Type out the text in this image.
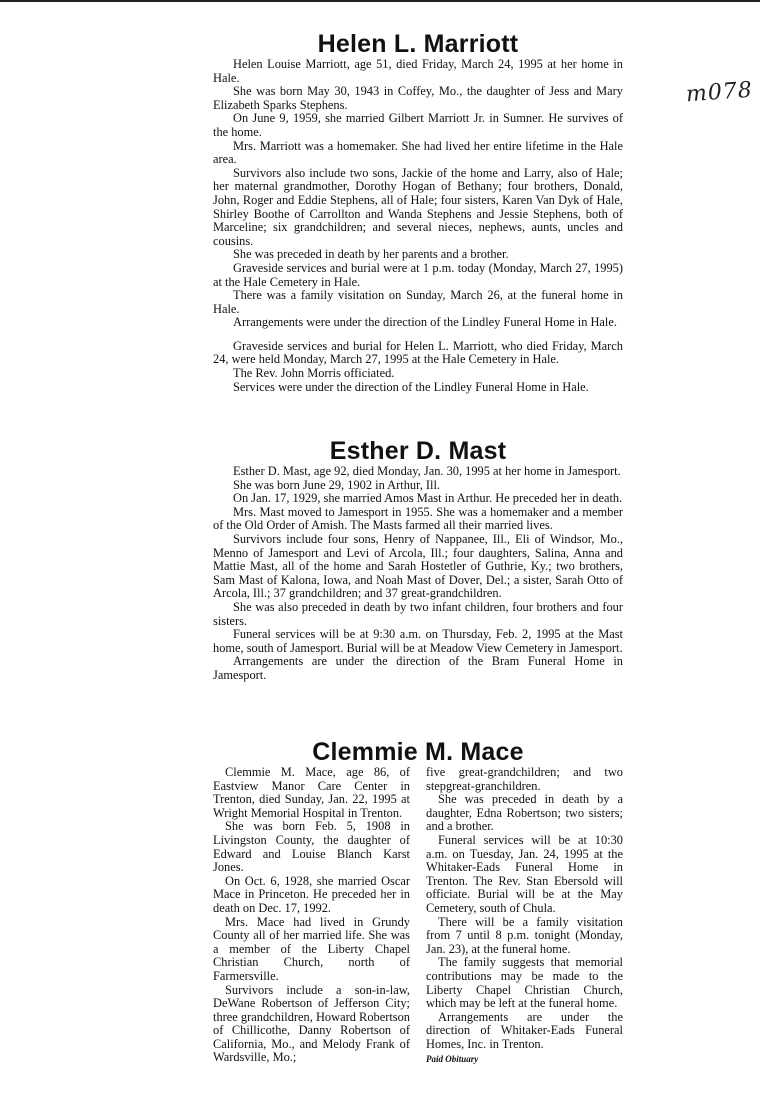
m078
Helen L. Marriott

Helen Louise Marriott, age 51, died Friday, March 24, 1995 at her home in Hale.

She was born May 30, 1943 in Coffey, Mo., the daughter of Jess and Mary Elizabeth Sparks Stephens.

On June 9, 1959, she married Gilbert Marriott Jr. in Sumner. He survives of the home.

Mrs. Marriott was a homemaker. She had lived her entire lifetime in the Hale area.

Survivors also include two sons, Jackie of the home and Larry, also of Hale; her maternal grandmother, Dorothy Hogan of Bethany; four brothers, Donald, John, Roger and Eddie Stephens, all of Hale; four sisters, Karen Van Dyk of Hale, Shirley Boothe of Carrollton and Wanda Stephens and Jessie Stephens, both of Marceline; six grandchildren; and several nieces, nephews, aunts, uncles and cousins.

She was preceded in death by her parents and a brother.

Graveside services and burial were at 1 p.m. today (Monday, March 27, 1995) at the Hale Cemetery in Hale.

There was a family visitation on Sunday, March 26, at the funeral home in Hale.

Arrangements were under the direction of the Lindley Funeral Home in Hale.

Graveside services and burial for Helen L. Marriott, who died Friday, March 24, were held Monday, March 27, 1995 at the Hale Cemetery in Hale.

The Rev. John Morris officiated.

Services were under the direction of the Lindley Funeral Home in Hale.

Esther D. Mast

Esther D. Mast, age 92, died Monday, Jan. 30, 1995 at her home in Jamesport.

She was born June 29, 1902 in Arthur, Ill.

On Jan. 17, 1929, she married Amos Mast in Arthur. He preceded her in death.

Mrs. Mast moved to Jamesport in 1955. She was a homemaker and a member of the Old Order of Amish. The Masts farmed all their married lives.

Survivors include four sons, Henry of Nappanee, Ill., Eli of Windsor, Mo., Menno of Jamesport and Levi of Arcola, Ill.; four daughters, Salina, Anna and Mattie Mast, all of the home and Sarah Hostetler of Guthrie, Ky.; two brothers, Sam Mast of Kalona, Iowa, and Noah Mast of Dover, Del.; a sister, Sarah Otto of Arcola, Ill.; 37 grandchildren; and 37 great-grandchildren.

She was also preceded in death by two infant children, four brothers and four sisters.

Funeral services will be at 9:30 a.m. on Thursday, Feb. 2, 1995 at the Mast home, south of Jamesport. Burial will be at Meadow View Cemetery in Jamesport.

Arrangements are under the direction of the Bram Funeral Home in Jamesport.

Clemmie M. Mace

Clemmie M. Mace, age 86, of Eastview Manor Care Center in Trenton, died Sunday, Jan. 22, 1995 at Wright Memorial Hospital in Trenton.

She was born Feb. 5, 1908 in Livingston County, the daughter of Edward and Louise Blanch Karst Jones.

On Oct. 6, 1928, she married Oscar Mace in Princeton. He preceded her in death on Dec. 17, 1992.

Mrs. Mace had lived in Grundy County all of her married life. She was a member of the Liberty Chapel Christian Church, north of Farmersville.

Survivors include a son-in-law, DeWane Robertson of Jefferson City; three grandchildren, Howard Robertson of Chillicothe, Danny Robertson of California, Mo., and Melody Frank of Wardsville, Mo.;

five great-grandchildren; and two stepgreat-granchildren.

She was preceded in death by a daughter, Edna Robertson; two sisters; and a brother.

Funeral services will be at 10:30 a.m. on Tuesday, Jan. 24, 1995 at the Whitaker-Eads Funeral Home in Trenton. The Rev. Stan Ebersold will officiate. Burial will be at the May Cemetery, south of Chula.

There will be a family visitation from 7 until 8 p.m. tonight (Monday, Jan. 23), at the funeral home.

The family suggests that memorial contributions may be made to the Liberty Chapel Christian Church, which may be left at the funeral home.

Arrangements are under the direction of Whitaker-Eads Funeral Homes, Inc. in Trenton.

Paid Obituary
